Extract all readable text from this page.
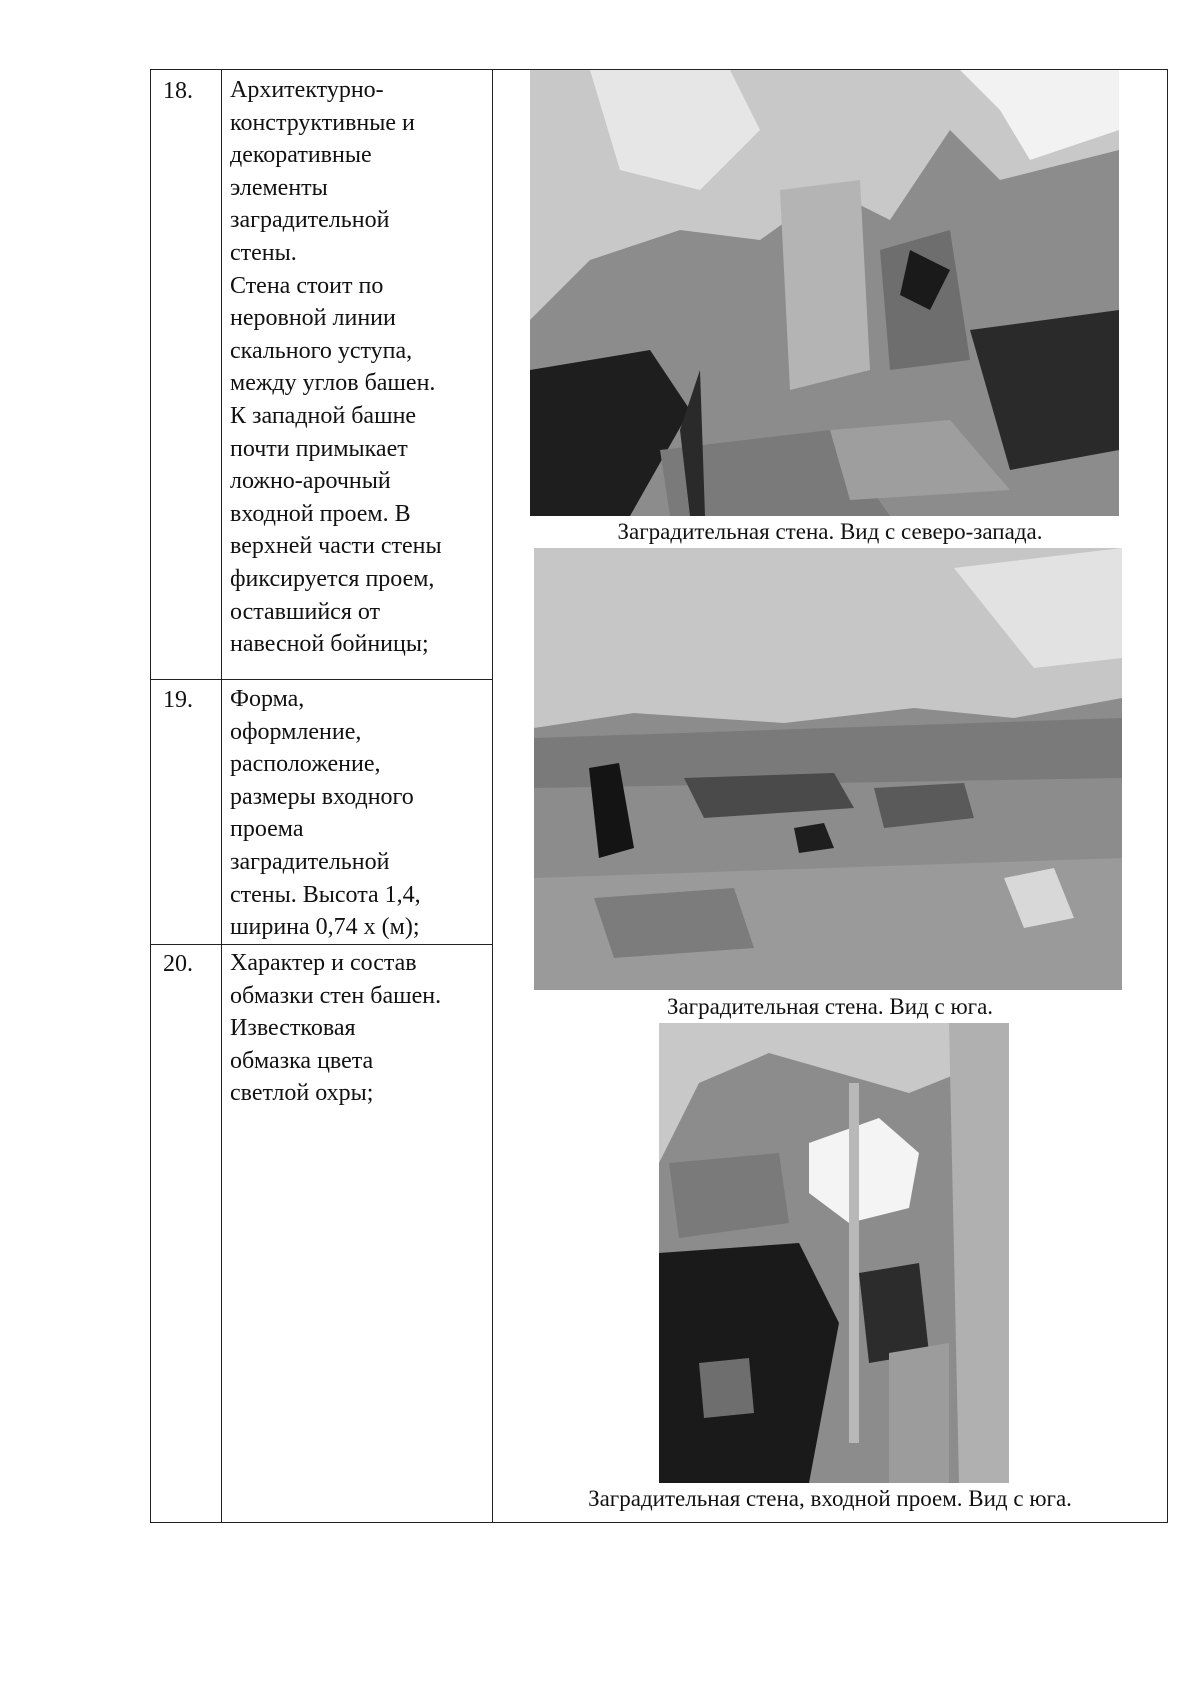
18. Архитектурно-
конструктивные и
декоративные
элементы
заградительной
стены.
Стена стоит по
неровной линии
скального уступа,
между углов башен.
К западной башне
почти примыкает
ложно-арочный
входной проем. В
верхней части стены
фиксируется проем,
оставшийся от
навесной бойницы;
19. Форма,
оформление,
расположение,
размеры входного
проема
заградительной
стены. Высота 1,4,
ширина 0,74 х (м);
20. Характер и состав
обмазки стен башен.
Известковая
обмазка цвета
светлой охры;
Заградительная стена. Вид с северо-запада.
Заградительная стена. Вид с юга.
Заградительная стена, входной проем. Вид с юга.
